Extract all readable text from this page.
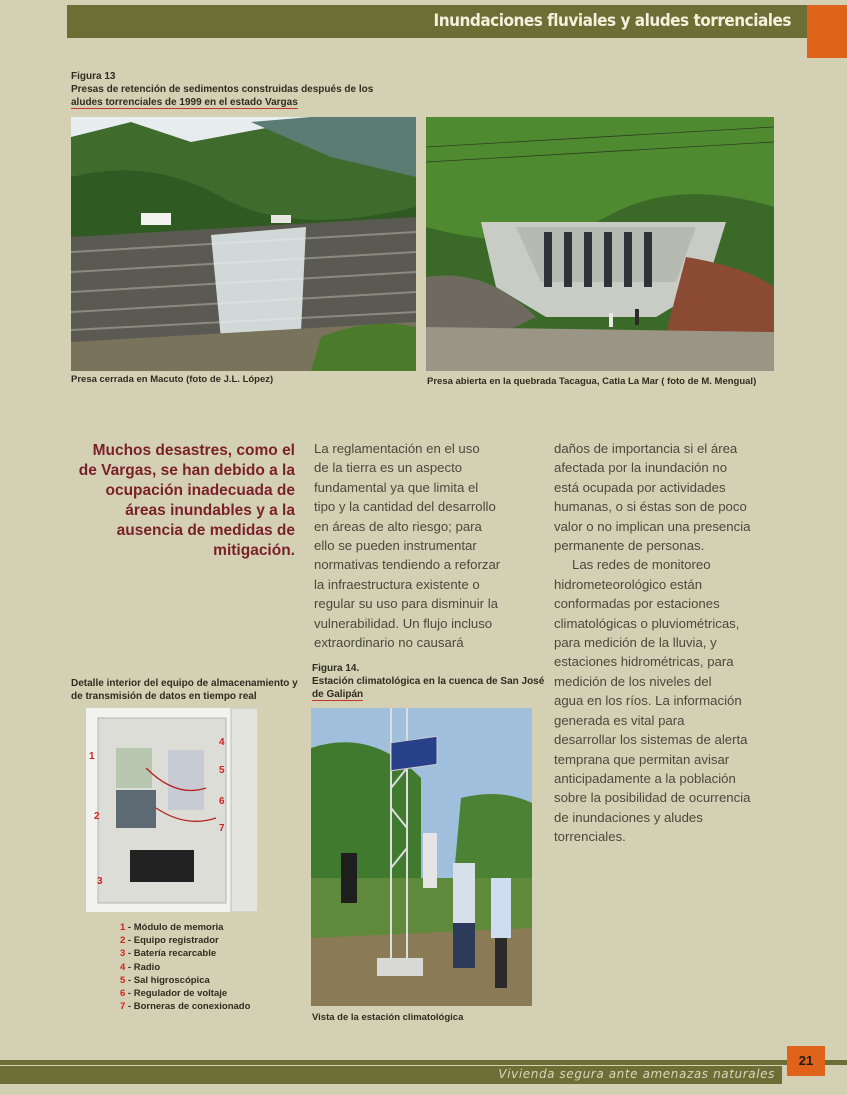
Inundaciones fluviales y aludes torrenciales
Figura 13
Presas de retención de sedimentos construidas después de los
aludes torrenciales de 1999 en el estado Vargas
Presa cerrada en Macuto (foto de J.L. López)	Presa abierta en la quebrada Tacagua, Catia La Mar ( foto de M. Mengual)
Muchos desastres, como el de Vargas, se han debido a la ocupación inadecuada de áreas inundables y a la ausencia de medidas de mitigación.

La reglamentación en el uso

de la tierra es un aspecto

fundamental ya que limita el

tipo y la cantidad del desarrollo

en áreas de alto riesgo; para

ello se pueden instrumentar

normativas tendiendo a reforzar

la infraestructura existente o

regular su uso para disminuir la

vulnerabilidad. Un flujo incluso

extraordinario no causará

daños de importancia si el área

afectada por la inundación no

está ocupada por actividades

humanas, o si éstas son de poco

valor o no implican una presencia

permanente de personas.

Las redes de monitoreo

hidrometeorológico están

conformadas por estaciones

climatológicas o pluviométricas,

para medición de la lluvia, y

estaciones hidrométricas, para

medición de los niveles del

agua en los ríos. La información

generada es vital para

desarrollar los sistemas de alerta

temprana que permitan avisar

anticipadamente a la población

sobre la posibilidad de ocurrencia

de inundaciones y aludes

torrenciales.

Detalle interior del equipo de almacenamiento y
de transmisión de datos en tiempo real
1
2
3
4
5
6
7
1 - Módulo de memoria
2 - Equipo registrador
3 - Batería recarcable
4 - Radio
5 - Sal higroscópica
6 - Regulador de voltaje
7 - Borneras de conexionado
Figura 14.
Estación climatológica en la cuenca de San José
de Galipán
Vista de la estación climatológica
Vivienda segura ante amenazas naturales
21
